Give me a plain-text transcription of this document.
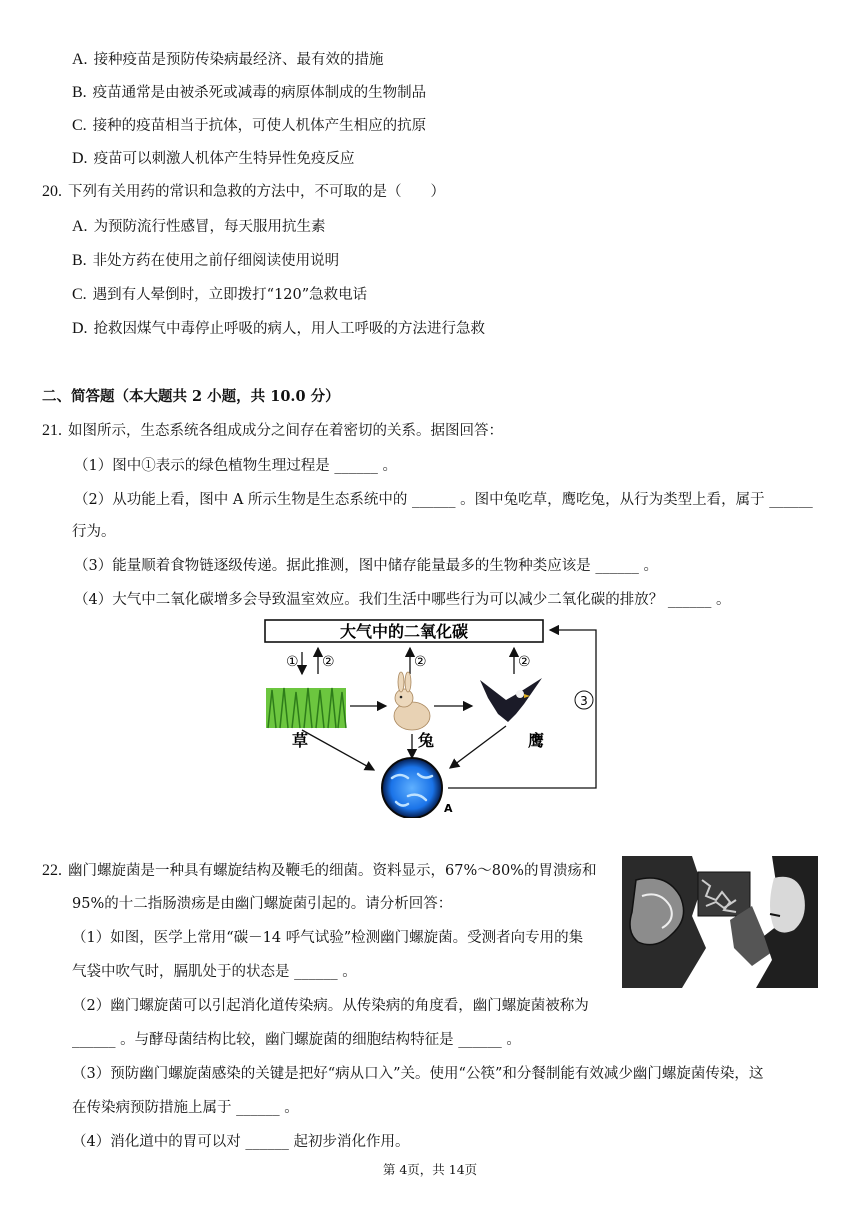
A. 接种疫苗是预防传染病最经济、最有效的措施
B. 疫苗通常是由被杀死或减毒的病原体制成的生物制品
C. 接种的疫苗相当于抗体，可使人机体产生相应的抗原
D. 疫苗可以刺激人机体产生特异性免疫反应
20. 下列有关用药的常识和急救的方法中，不可取的是（　　）
A. 为预防流行性感冒，每天服用抗生素
B. 非处方药在使用之前仔细阅读使用说明
C. 遇到有人晕倒时，立即拨打“120”急救电话
D. 抢救因煤气中毒停止呼吸的病人，用人工呼吸的方法进行急救
二、简答题（本大题共 2 小题，共 10.0 分）
21. 如图所示，生态系统各组成成分之间存在着密切的关系。据图回答：
（1）图中①表示的绿色植物生理过程是 ______ 。
（2）从功能上看，图中 A 所示生物是生态系统中的 ______ 。图中兔吃草，鹰吃兔，从行为类型上看，属于 ______
行为。
（3）能量顺着食物链逐级传递。据此推测，图中储存能量最多的生物种类应该是 ______ 。
（4）大气中二氧化碳增多会导致温室效应。我们生活中哪些行为可以减少二氧化碳的排放？ ______ 。
大气中的二氧化碳
① ②
草
②
兔
②
鹰
A
3
22. 幽门螺旋菌是一种具有螺旋结构及鞭毛的细菌。资料显示，67%～80%的胃溃疡和
95%的十二指肠溃疡是由幽门螺旋菌引起的。请分析回答：
（1）如图，医学上常用“碳－14 呼气试验”检测幽门螺旋菌。受测者向专用的集
气袋中吹气时，膈肌处于的状态是 ______ 。
（2）幽门螺旋菌可以引起消化道传染病。从传染病的角度看，幽门螺旋菌被称为
______ 。与酵母菌结构比较，幽门螺旋菌的细胞结构特征是 ______ 。
（3）预防幽门螺旋菌感染的关键是把好“病从口入”关。使用“公筷”和分餐制能有效减少幽门螺旋菌传染，这
在传染病预防措施上属于 ______ 。
（4）消化道中的胃可以对 ______ 起初步消化作用。
第 4页，共 14页
